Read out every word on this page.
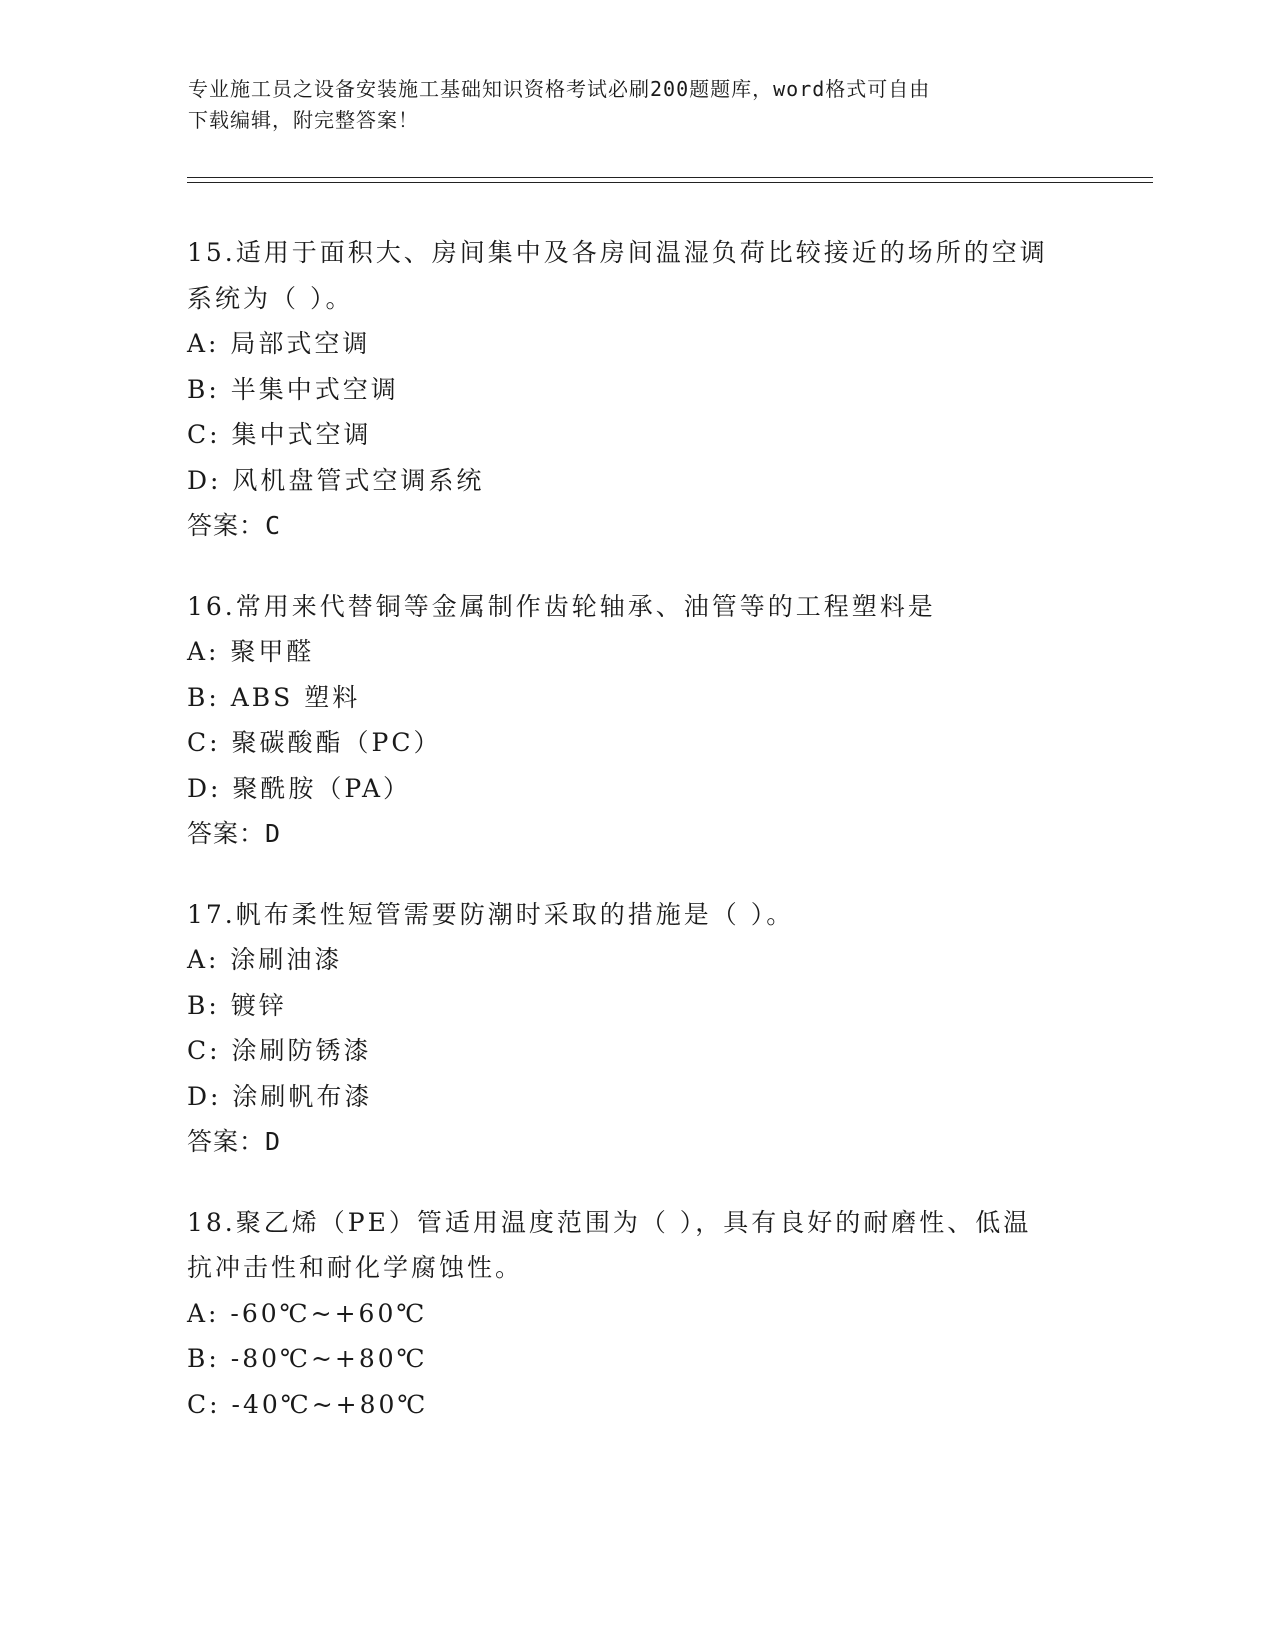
专业施工员之设备安装施工基础知识资格考试必刷200题题库，word格式可自由
下载编辑，附完整答案！
15.适用于面积大、房间集中及各房间温湿负荷比较接近的场所的空调
系统为（ ）。
A: 局部式空调
B: 半集中式空调
C: 集中式空调
D: 风机盘管式空调系统
答案：C
16.常用来代替铜等金属制作齿轮轴承、油管等的工程塑料是
A: 聚甲醛
B: ABS 塑料
C: 聚碳酸酯（PC）
D: 聚酰胺（PA）
答案：D
17.帆布柔性短管需要防潮时采取的措施是（ ）。
A: 涂刷油漆
B: 镀锌
C: 涂刷防锈漆
D: 涂刷帆布漆
答案：D
18.聚乙烯（PE）管适用温度范围为（ ），具有良好的耐磨性、低温
抗冲击性和耐化学腐蚀性。
A: -60℃~+60℃
B: -80℃~+80℃
C: -40℃~+80℃
